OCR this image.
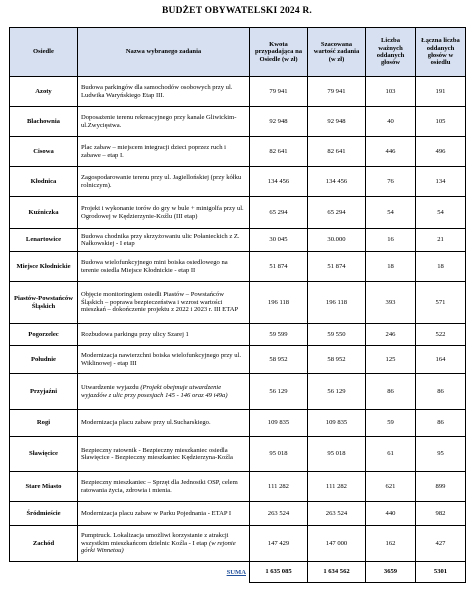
BUDŻET OBYWATELSKI 2024 R.
Osiedle	Nazwa wybranego zadania	Kwota przypadająca na Osiedle (w zł)	Szacowana wartość zadania (w zł)	Liczba ważnych oddanych głosów	Łączna liczba oddanych głosów w osiedlu
Azoty	Budowa parkingów dla samochodów osobowych przy ul. Ludwika Waryńskiego Etap III.	79 941	79 941	103	191
Blachownia	Doposażenie terenu rekreacyjnego przy kanale Gliwickim-ul.Zwycięstwa.	92 948	92 948	40	105
Cisowa	Plac zabaw – miejscem integracji dzieci poprzez ruch i zabawe – etap I.	82 641	82 641	446	496
Kłodnica	Zagospodarowanie terenu przy ul. Jagiellońskiej (przy kółku rolniczym).	134 456	134 456	76	134
Kuźniczka	Projekt i wykonanie torów do gry w bule + minigolfa przy ul. Ogrodowej w Kędzierzynie-Koźlu (III etap)	65 294	65 294	54	54
Lenartowice	Budowa chodnika przy skrzyżowaniu ulic Połanieckich z Z. Nałkowskiej - I etap	30 045	30.000	16	21
Miejsce Kłodnickie	Budowa wielofunkcyjnego mini boiska osiedlowego na terenie osiedla Miejsce Kłodnickie - etap II	51 874	51 874	18	18
Piastów-Powstańców Śląskich	Objęcie monitoringiem osiedli Piastów – Powstańców Śląskich – poprawa bezpieczeństwa i wzrost wartości mieszkań – dokończenie projektu z 2022 i 2023 r. III ETAP	196 118	196 118	393	571
Pogorzelec	Rozbudowa parkingu przy ulicy Szarej 1	59 599	59 550	246	522
Południe	Modernizacja nawierzchni boiska wielofunkcyjnego przy ul. Wiklinowej - etap III	58 952	58 952	125	164
Przyjaźni	Utwardzenie wyjazdu (Projekt obejmuje utwardzenie wyjazdów z ulic przy posesjach 145 - 146 oraz 49 i49a)	56 129	56 129	86	86
Rogi	Modernizacja placu zabaw przy ul.Sucharskiego.	109 835	109 835	59	86
Sławięcice	Bezpieczny ratownik - Bezpieczny mieszkaniec osiedla Sławięcice - Bezpieczny mieszkaniec Kędzierzyna-Koźla	95 018	95 018	61	95
Stare Miasto	Bezpieczny mieszkaniec – Sprzęt dla Jednostki OSP, celem ratowania życia, zdrowia i mienia.	111 282	111 282	621	899
Śródmieście	Modernizacja placu zabaw w Parku Pojednania - ETAP I	263 524	263 524	440	982
Zachód	Pumptruck. Lokalizacja umożliwi korzystanie z atrakcji wszystkim mieszkańcom dzielnic Koźla - I etap (w rejonie górki Winnetou)	147 429	147 000	162	427
	SUMA	1 635 085	1 634 562	3659	5301
